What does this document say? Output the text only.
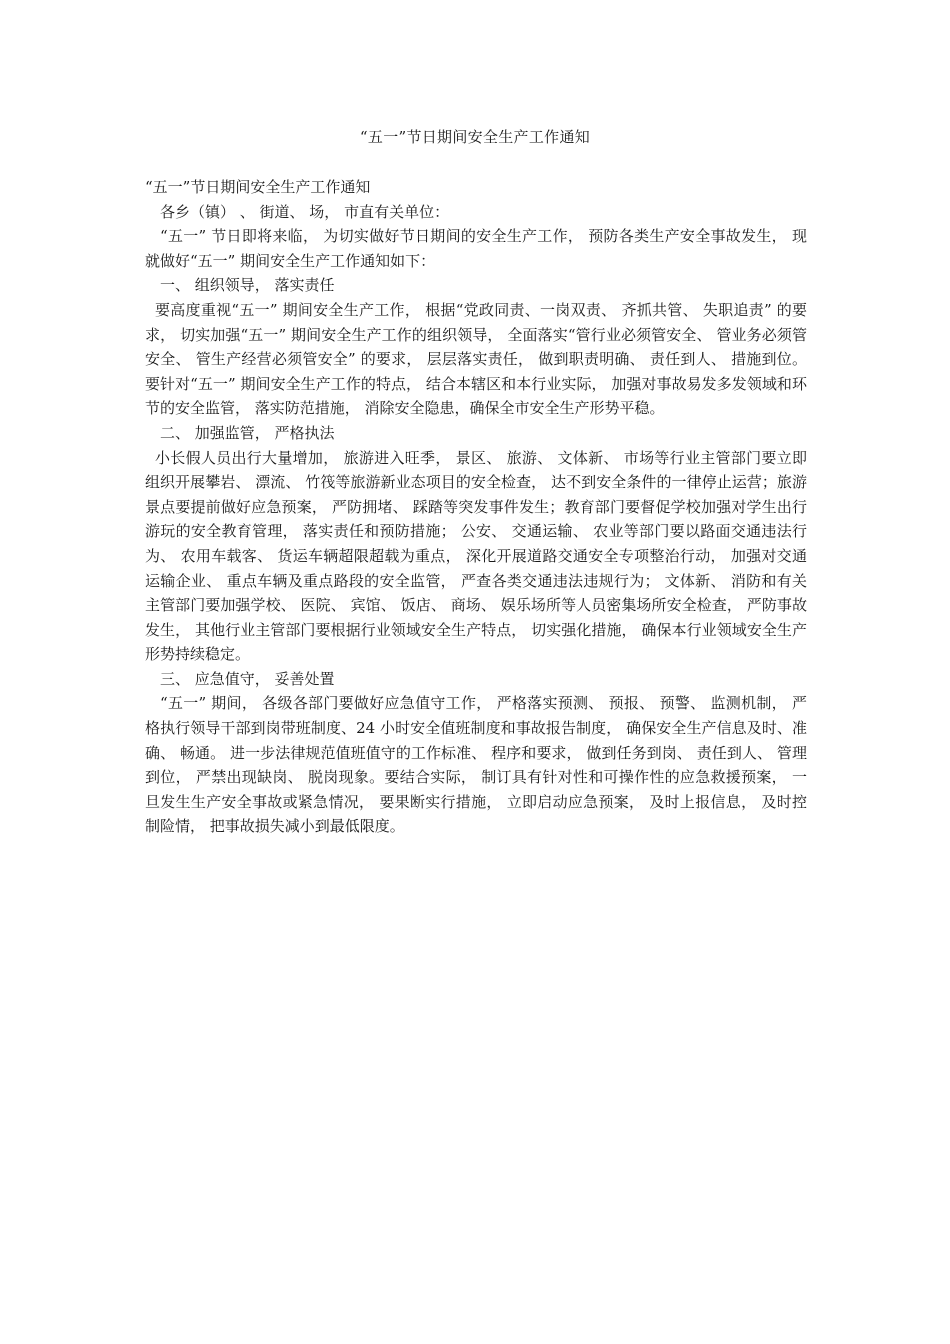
“五一”节日期间安全生产工作通知

“五一”节日期间安全生产工作通知

各乡（镇） 、 街道、 场， 市直有关单位：

“五一” 节日即将来临， 为切实做好节日期间的安全生产工作， 预防各类生产安全事故发生， 现就做好“五一” 期间安全生产工作通知如下：

一、 组织领导， 落实责任

要高度重视“五一” 期间安全生产工作， 根据“党政同责、一岗双责、 齐抓共管、 失职追责” 的要求， 切实加强“五一” 期间安全生产工作的组织领导， 全面落实“管行业必须管安全、 管业务必须管安全、 管生产经营必须管安全” 的要求， 层层落实责任， 做到职责明确、 责任到人、 措施到位。 要针对“五一” 期间安全生产工作的特点， 结合本辖区和本行业实际， 加强对事故易发多发领域和环节的安全监管， 落实防范措施， 消除安全隐患，确保全市安全生产形势平稳。

二、 加强监管， 严格执法

小长假人员出行大量增加， 旅游进入旺季， 景区、 旅游、 文体新、 市场等行业主管部门要立即组织开展攀岩、 漂流、 竹筏等旅游新业态项目的安全检查， 达不到安全条件的一律停止运营；旅游景点要提前做好应急预案， 严防拥堵、 踩踏等突发事件发生；教育部门要督促学校加强对学生出行游玩的安全教育管理， 落实责任和预防措施； 公安、 交通运输、 农业等部门要以路面交通违法行为、 农用车载客、 货运车辆超限超载为重点， 深化开展道路交通安全专项整治行动， 加强对交通运输企业、 重点车辆及重点路段的安全监管， 严查各类交通违法违规行为； 文体新、 消防和有关主管部门要加强学校、 医院、 宾馆、 饭店、 商场、 娱乐场所等人员密集场所安全检查， 严防事故发生， 其他行业主管部门要根据行业领域安全生产特点， 切实强化措施， 确保本行业领域安全生产形势持续稳定。

三、 应急值守， 妥善处置

“五一” 期间， 各级各部门要做好应急值守工作， 严格落实预测、 预报、 预警、 监测机制， 严格执行领导干部到岗带班制度、24 小时安全值班制度和事故报告制度， 确保安全生产信息及时、准确、 畅通。 进一步法律规范值班值守的工作标准、 程序和要求， 做到任务到岗、 责任到人、 管理到位， 严禁出现缺岗、 脱岗现象。要结合实际， 制订具有针对性和可操作性的应急救援预案， 一旦发生生产安全事故或紧急情况， 要果断实行措施， 立即启动应急预案， 及时上报信息， 及时控制险情， 把事故损失减小到最低限度。
